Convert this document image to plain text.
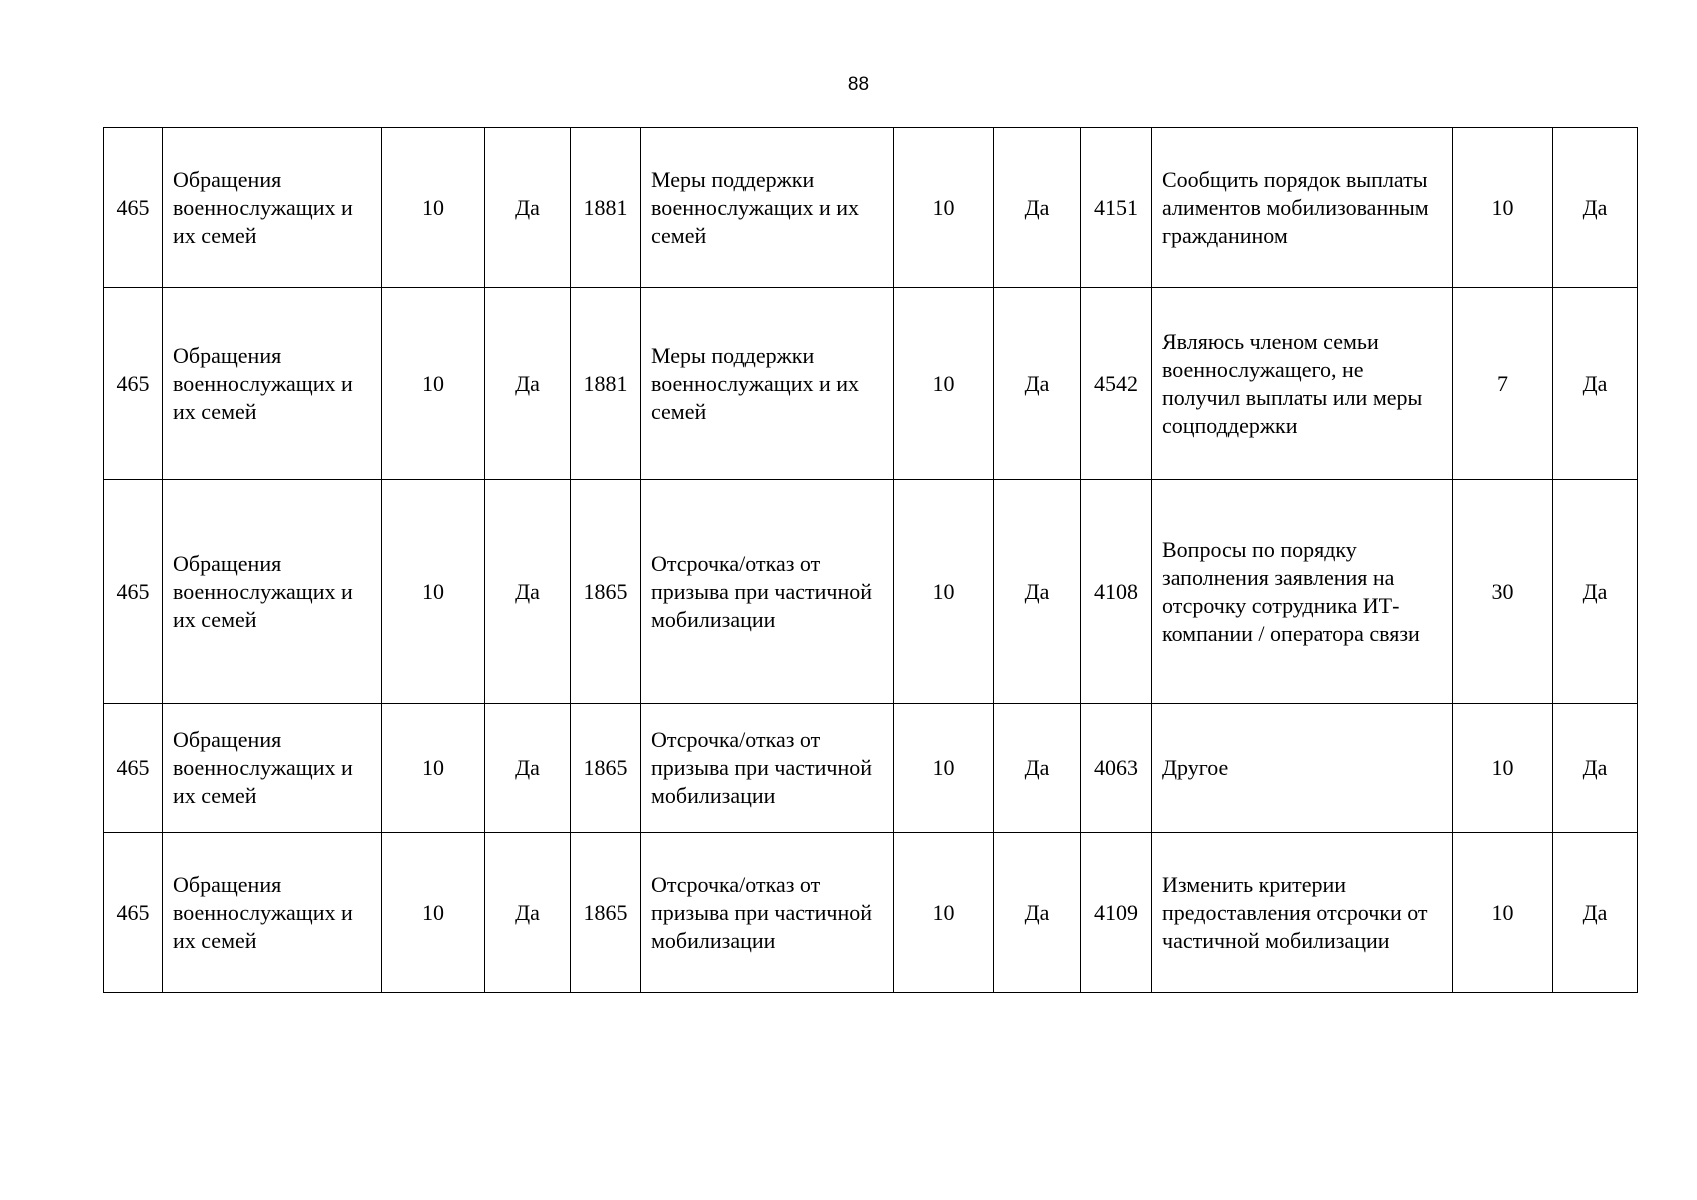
88
465	Обращения военнослужащих и их семей	10	Да	1881	Меры поддержки военнослужащих и их семей	10	Да	4151	Сообщить порядок выплаты алиментов мобилизованным гражданином	10	Да
465	Обращения военнослужащих и их семей	10	Да	1881	Меры поддержки военнослужащих и их семей	10	Да	4542	Являюсь членом семьи военнослужащего, не получил выплаты или меры соцподдержки	7	Да
465	Обращения военнослужащих и их семей	10	Да	1865	Отсрочка/отказ от призыва при частичной мобилизации	10	Да	4108	Вопросы по порядку заполнения заявления на отсрочку сотрудника ИТ-компании / оператора связи	30	Да
465	Обращения военнослужащих и их семей	10	Да	1865	Отсрочка/отказ от призыва при частичной мобилизации	10	Да	4063	Другое	10	Да
465	Обращения военнослужащих и их семей	10	Да	1865	Отсрочка/отказ от призыва при частичной мобилизации	10	Да	4109	Изменить критерии предоставления отсрочки от частичной мобилизации	10	Да
